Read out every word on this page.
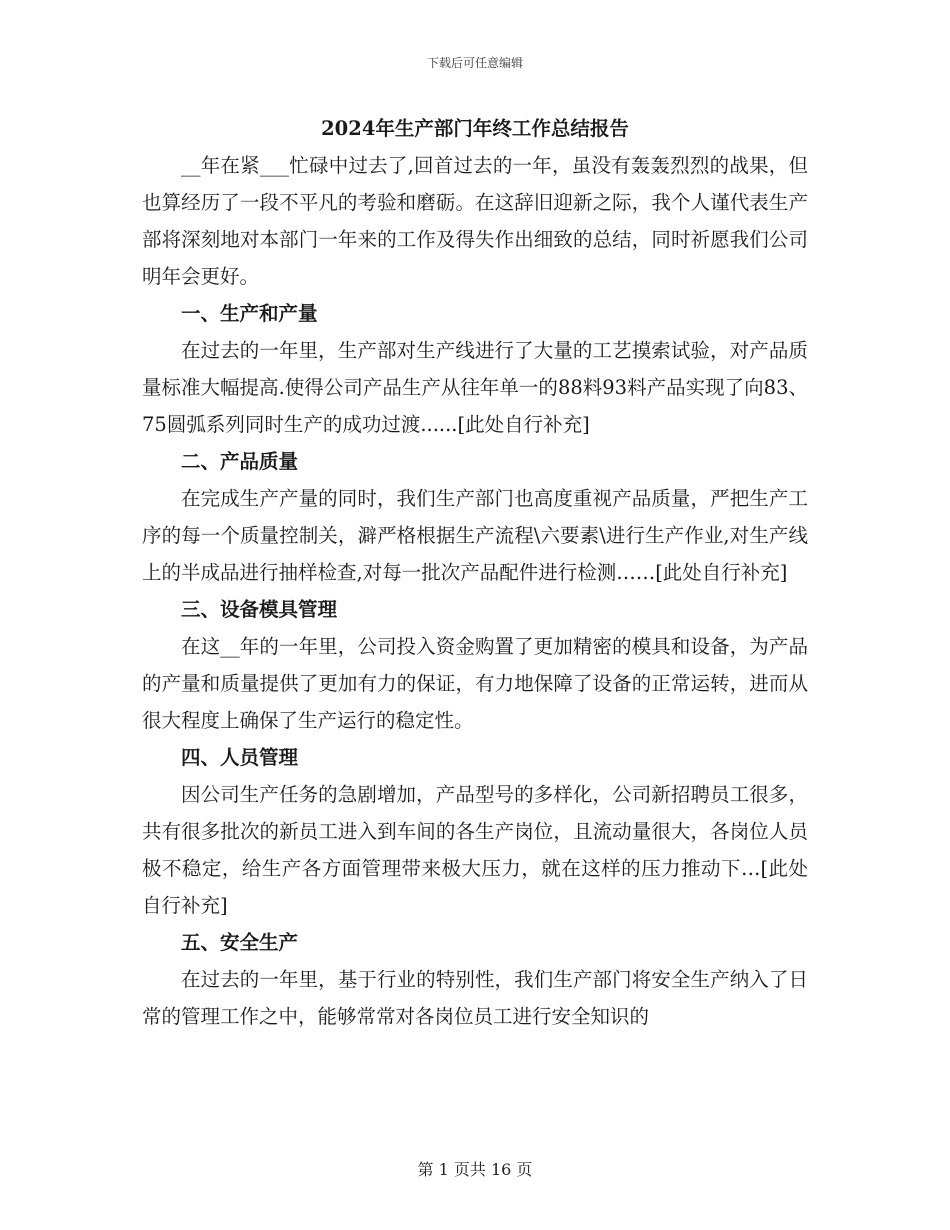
下载后可任意编辑

2024年生产部门年终工作总结报告

__年在紧___忙碌中过去了,回首过去的一年，虽没有轰轰烈烈的战果，但也算经历了一段不平凡的考验和磨砺。在这辞旧迎新之际，我个人谨代表生产部将深刻地对本部门一年来的工作及得失作出细致的总结，同时祈愿我们公司明年会更好。

一、生产和产量

在过去的一年里，生产部对生产线进行了大量的工艺摸索试验，对产品质量标准大幅提高.使得公司产品生产从往年单一的88料93料产品实现了向83、75圆弧系列同时生产的成功过渡......[此处自行补充]

二、产品质量

在完成生产产量的同时，我们生产部门也高度重视产品质量，严把生产工序的每一个质量控制关，澼严格根据生产流程\六要素\进行生产作业,对生产线上的半成品进行抽样检查,对每一批次产品配件进行检测……[此处自行补充]

三、设备模具管理

在这__年的一年里，公司投入资金购置了更加精密的模具和设备，为产品的产量和质量提供了更加有力的保证，有力地保障了设备的正常运转，进而从很大程度上确保了生产运行的稳定性。

四、人员管理

因公司生产任务的急剧增加，产品型号的多样化，公司新招聘员工很多，共有很多批次的新员工进入到车间的各生产岗位，且流动量很大，各岗位人员极不稳定，给生产各方面管理带来极大压力，就在这样的压力推动下…[此处自行补充]

五、安全生产

在过去的一年里，基于行业的特别性，我们生产部门将安全生产纳入了日常的管理工作之中，能够常常对各岗位员工进行安全知识的

第 1 页共 16 页
